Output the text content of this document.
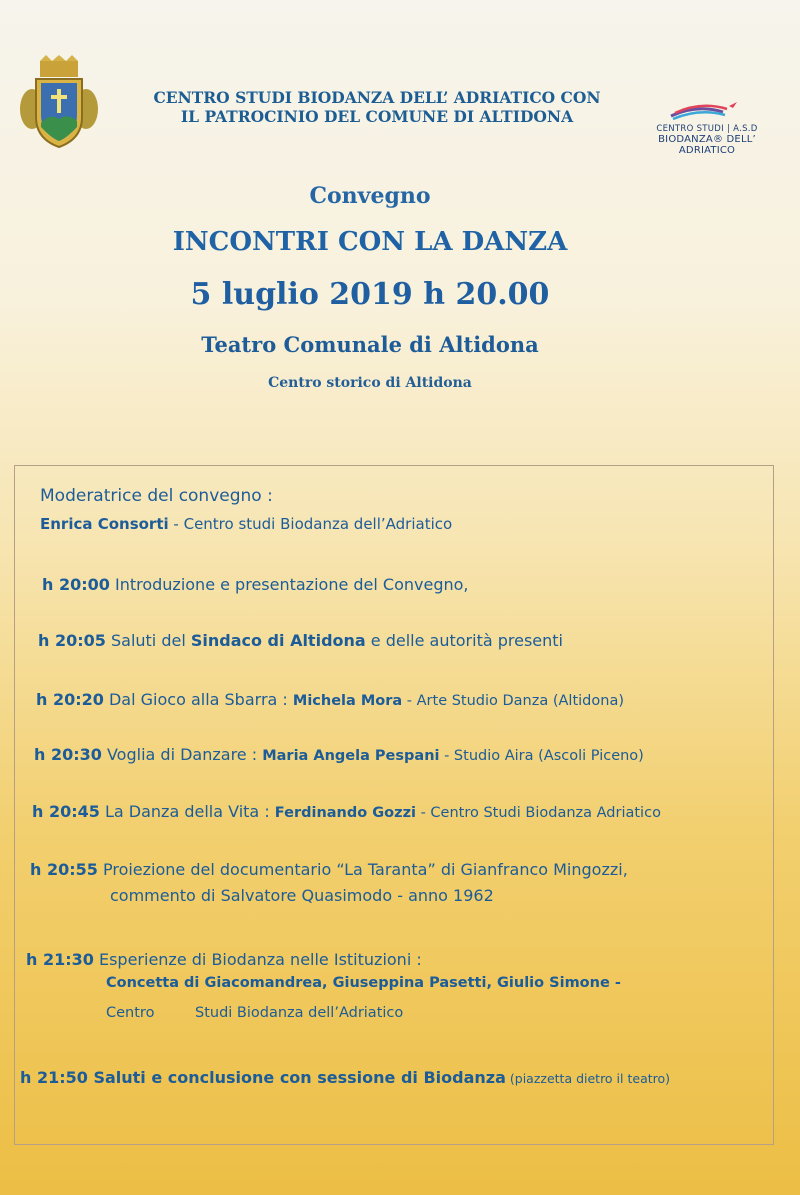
CENTRO STUDI BIODANZA DELL’ ADRIATICO CON
IL PATROCINIO DEL COMUNE DI ALTIDONA
CENTRO STUDI | A.S.D
BIODANZA® DELL’ ADRIATICO
Convegno
INCONTRI CON LA DANZA
5 luglio 2019 h 20.00
Teatro Comunale di Altidona
Centro storico di Altidona
Moderatrice del convegno :
Enrica Consorti - Centro studi Biodanza dell’Adriatico
h 20:00 Introduzione e presentazione del Convegno,
h 20:05 Saluti del Sindaco di Altidona e delle autorità presenti
h 20:20 Dal Gioco alla Sbarra : Michela Mora - Arte Studio Danza (Altidona)
h 20:30 Voglia di Danzare : Maria Angela Pespani - Studio Aira (Ascoli Piceno)
h 20:45 La Danza della Vita : Ferdinando Gozzi - Centro Studi Biodanza Adriatico
h 20:55 Proiezione del documentario “La Taranta” di Gianfranco Mingozzi,
commento di Salvatore Quasimodo - anno 1962
h 21:30 Esperienze di Biodanza nelle Istituzioni :
Concetta di Giacomandrea, Giuseppina Pasetti, Giulio Simone -
Centro	Studi Biodanza dell’Adriatico
h 21:50 Saluti e conclusione con sessione di Biodanza (piazzetta dietro il teatro)
